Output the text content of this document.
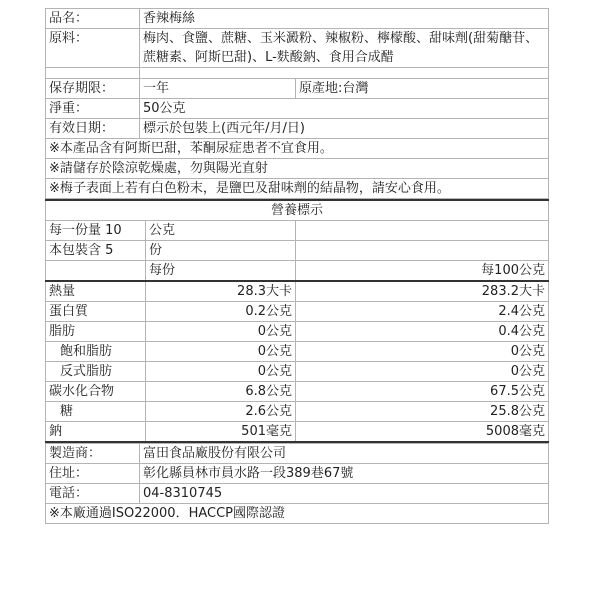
品名：	香辣梅絲	
原料：	梅肉、食鹽、蔗糖、玉米澱粉、辣椒粉、檸檬酸、甜味劑(甜菊醣苷、蔗糖素、阿斯巴甜)、L-麩酸鈉、食用合成醋	

保存期限：	一年	原產地:台灣
淨重：	50公克	
有效日期：	標示於包裝上(西元年/月/日)	
※本產品含有阿斯巴甜，苯酮尿症患者不宜食用。		
※請儲存於陰涼乾燥處，勿與陽光直射		
※梅子表面上若有白色粉末，是鹽巴及甜味劑的結晶物，請安心食用。		
營養標示		
每一份量 10	公克	
本包裝含 5	份	
	每份	每100公克
熱量	28.3大卡	283.2大卡
蛋白質	0.2公克	2.4公克
脂肪	0公克	0.4公克
飽和脂肪	0公克	0公克
反式脂肪	0公克	0公克
碳水化合物	6.8公克	67.5公克
糖	2.6公克	25.8公克
鈉	501毫克	5008毫克
製造商：	富田食品廠股份有限公司
住址：	彰化縣員林市員水路一段389巷67號
電話：	04-8310745
※本廠通過ISO22000．HACCP國際認證	
